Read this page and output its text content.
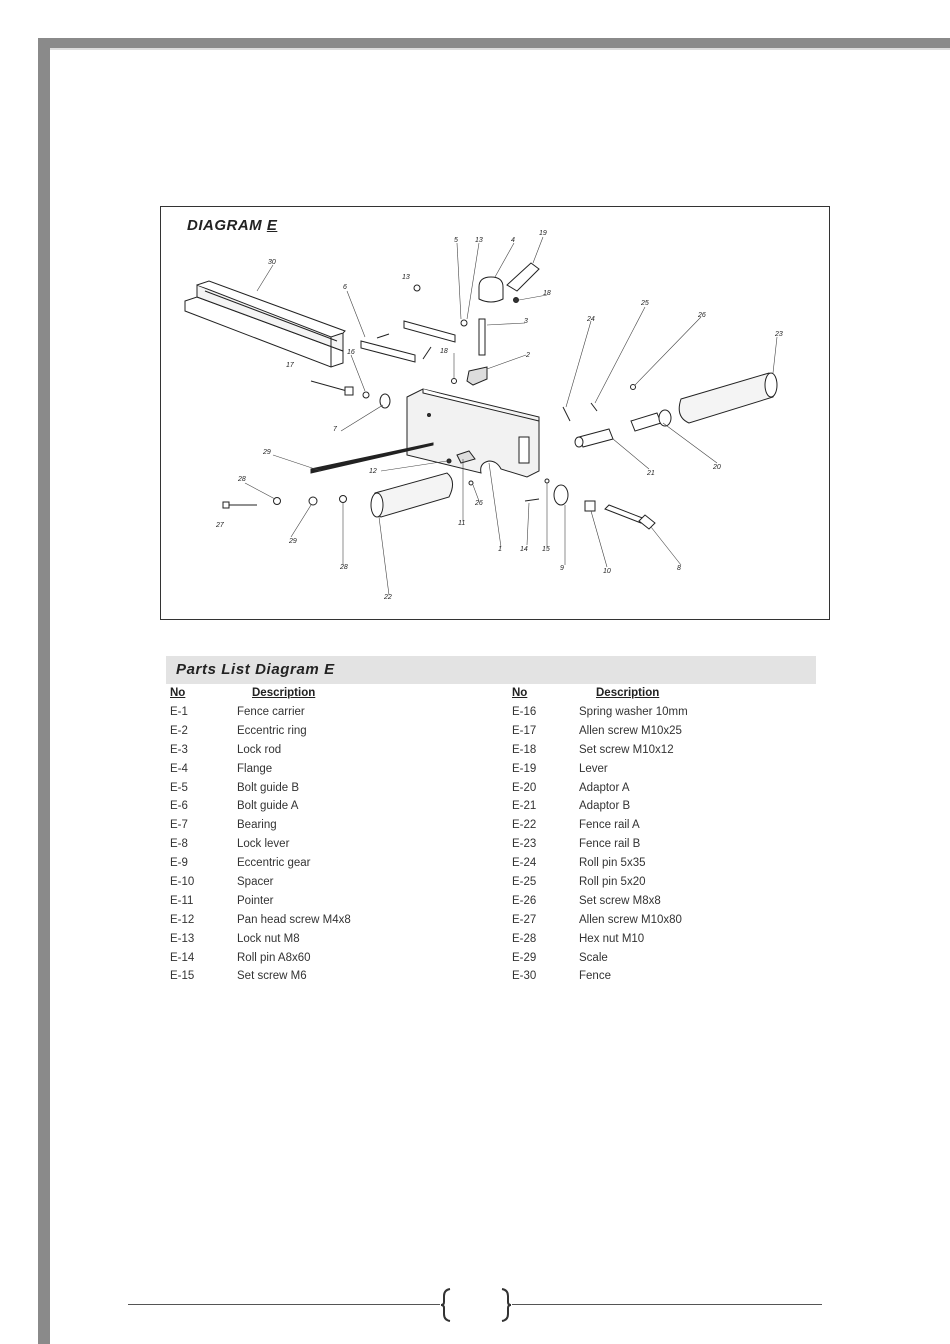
DIAGRAM E
30
6
13
5 13	4
19
18
3
2
16	18
17
7
24
25
26
23
21
20
29
12
11
26
27
28
29
28
22
1	14 15
9	10	8
Parts List Diagram E
No	Description
E-1	Fence carrier
E-2	Eccentric ring
E-3	Lock rod
E-4	Flange
E-5	Bolt guide B
E-6	Bolt guide A
E-7	Bearing
E-8	Lock lever
E-9	Eccentric gear
E-10	Spacer
E-11	Pointer
E-12	Pan head screw M4x8
E-13	Lock nut M8
E-14	Roll pin A8x60
E-15	Set screw M6
No	Description
E-16	Spring washer 10mm
E-17	Allen screw M10x25
E-18	Set screw M10x12
E-19	Lever
E-20	Adaptor A
E-21	Adaptor B
E-22	Fence rail A
E-23	Fence rail B
E-24	Roll pin 5x35
E-25	Roll pin 5x20
E-26	Set screw M8x8
E-27	Allen screw M10x80
E-28	Hex nut M10
E-29	Scale
E-30	Fence
